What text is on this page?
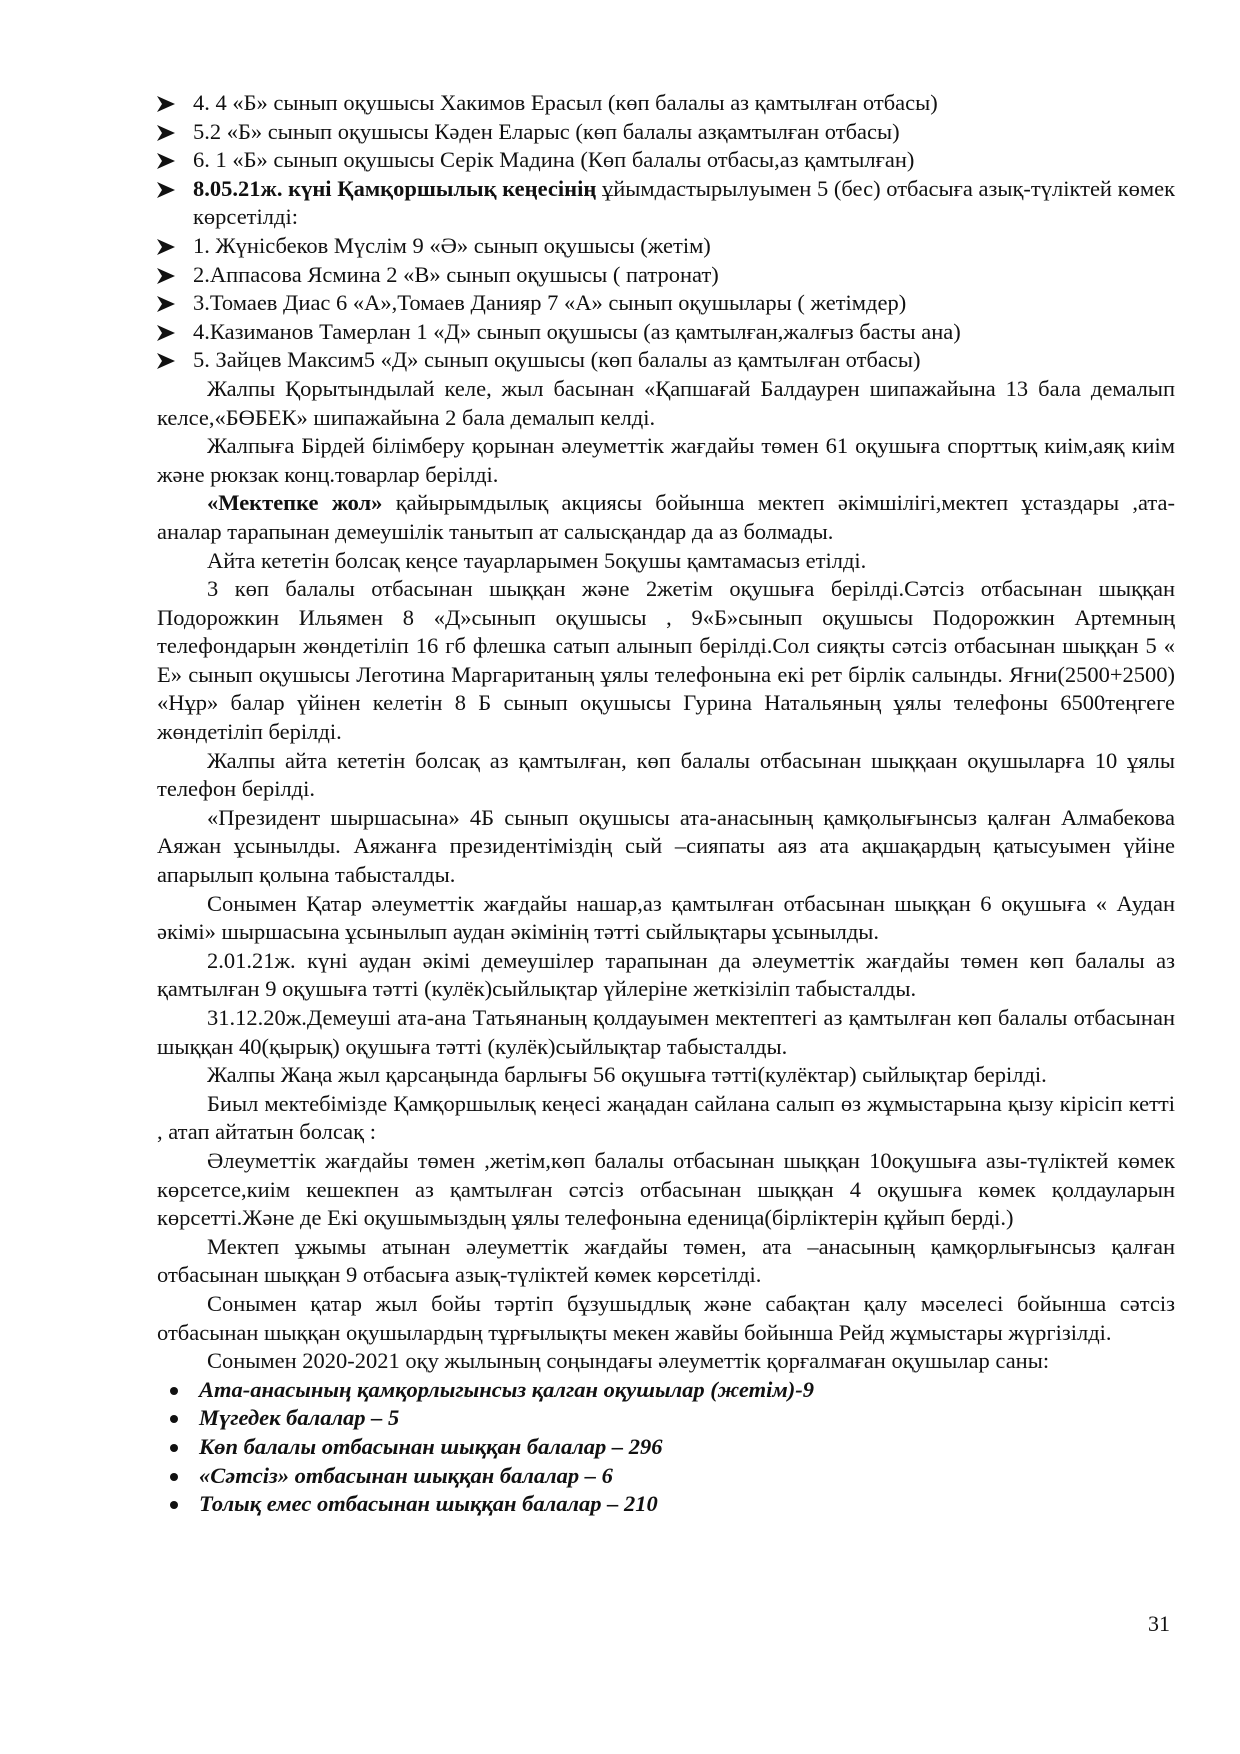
4. 4 «Б» сынып оқушысы Хакимов Ерасыл (көп балалы аз қамтылған отбасы)
5.2 «Б» сынып оқушысы Кәден Еларыс (көп балалы азқамтылған отбасы)
6. 1 «Б» сынып оқушысы Серік Мадина (Көп балалы отбасы,аз қамтылған)
8.05.21ж. күні Қамқоршылық кеңесінің ұйымдастырылуымен 5 (бес) отбасыға азық-түліктей көмек көрсетілді:
1. Жүнісбеков Мүслім 9 «Ә» сынып оқушысы (жетім)
2.Аппасова Ясмина 2 «В» сынып оқушысы ( патронат)
3.Томаев Диас 6 «А»,Томаев Данияр 7 «А» сынып оқушылары ( жетімдер)
4.Казиманов Тамерлан 1 «Д» сынып оқушысы (аз қамтылған,жалғыз басты ана)
5. Зайцев Максим5 «Д» сынып оқушысы (көп балалы аз қамтылған отбасы)

Жалпы Қорытындылай келе, жыл басынан «Қапшағай Балдаурен шипажайына 13 бала демалып келсе,«БӨБЕК» шипажайына 2 бала демалып келді.

Жалпыға Бірдей білімберу қорынан әлеуметтік жағдайы төмен 61 оқушыға спорттық киім,аяқ киім және рюкзак конц.товарлар берілді.

«Мектепке жол» қайырымдылық акциясы бойынша мектеп әкімшілігі,мектеп ұстаздары ,ата-аналар тарапынан демеушілік танытып ат салысқандар да аз болмады.

Айта кететін болсақ кеңсе тауарларымен 5оқушы қамтамасыз етілді.

3 көп балалы отбасынан шыққан және 2жетім оқушыға берілді.Сәтсіз отбасынан шыққан Подорожкин Ильямен 8 «Д»сынып оқушысы , 9«Б»сынып оқушысы Подорожкин Артемның телефондарын жөндетіліп 16 гб флешка сатып алынып берілді.Сол сияқты сәтсіз отбасынан шыққан 5 « Е» сынып оқушысы Леготина Маргаританың ұялы телефонына екі рет бірлік салынды. Яғни(2500+2500) «Нұр» балар үйінен келетін 8 Б сынып оқушысы Гурина Натальяның ұялы телефоны 6500теңгеге жөндетіліп берілді.

Жалпы айта кететін болсақ аз қамтылған, көп балалы отбасынан шыққаан оқушыларға 10 ұялы телефон берілді.

«Президент шыршасына» 4Б сынып оқушысы ата-анасының қамқолығынсыз қалған Алмабекова Аяжан ұсынылды. Аяжанға президентіміздің сый –сияпаты аяз ата ақшақардың қатысуымен үйіне апарылып қолына табысталды.

Сонымен Қатар әлеуметтік жағдайы нашар,аз қамтылған отбасынан шыққан 6 оқушыға « Аудан әкімі» шыршасына ұсынылып аудан әкімінің тәтті сыйлықтары ұсынылды.

2.01.21ж. күні аудан әкімі демеушілер тарапынан да әлеуметтік жағдайы төмен көп балалы аз қамтылған 9 оқушыға тәтті (кулёк)сыйлықтар үйлеріне жеткізіліп табысталды.

31.12.20ж.Демеуші ата-ана Татьянаның қолдауымен мектептегі аз қамтылған көп балалы отбасынан шыққан 40(қырық) оқушыға тәтті (кулёк)сыйлықтар табысталды.

Жалпы Жаңа жыл қарсаңында барлығы 56 оқушыға тәтті(кулёктар) сыйлықтар берілді.

Биыл мектебімізде Қамқоршылық кеңесі жаңадан сайлана салып өз жұмыстарына қызу кірісіп кетті , атап айтатын болсақ :

Әлеуметтік жағдайы төмен ,жетім,көп балалы отбасынан шыққан 10оқушыға азы-түліктей көмек көрсетсе,киім кешекпен аз қамтылған сәтсіз отбасынан шыққан 4 оқушыға көмек қолдауларын көрсетті.Және де Екі оқушымыздың ұялы телефонына еденица(бірліктерін құйып берді.)

Мектеп ұжымы атынан әлеуметтік жағдайы төмен, ата –анасының қамқорлығынсыз қалған отбасынан шыққан 9 отбасыға азық-түліктей көмек көрсетілді.

Сонымен қатар жыл бойы тәртіп бұзушыдлық және сабақтан қалу мәселесі бойынша сәтсіз отбасынан шыққан оқушылардың тұрғылықты мекен жавйы бойынша Рейд жұмыстары жүргізілді.

Сонымен 2020-2021 оқу жылының соңындағы әлеуметтік қорғалмаған оқушылар саны:

Ата-анасының қамқорлыгынсыз қалган оқушылар (жетім)-9
Мүгедек балалар – 5
Көп балалы отбасынан шыққан балалар – 296
«Сәтсіз» отбасынан шыққан балалар – 6
Толық емес отбасынан шыққан балалар – 210
31
